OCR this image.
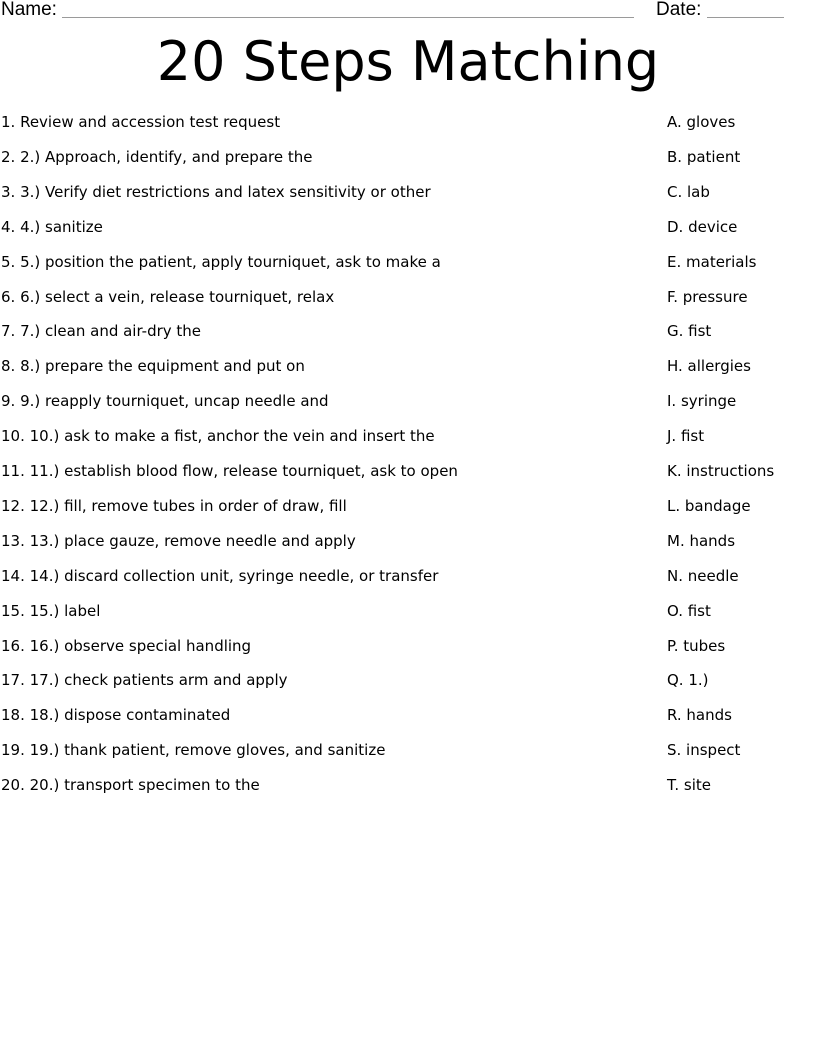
Name:	Date:
20 Steps Matching
1. Review and accession test request	A. gloves
2. 2.) Approach, identify, and prepare the	B. patient
3. 3.) Verify diet restrictions and latex sensitivity or other	C. lab
4. 4.) sanitize	D. device
5. 5.) position the patient, apply tourniquet, ask to make a	E. materials
6. 6.) select a vein, release tourniquet, relax	F. pressure
7. 7.) clean and air-dry the	G. fist
8. 8.) prepare the equipment and put on	H. allergies
9. 9.) reapply tourniquet, uncap needle and	I. syringe
10. 10.) ask to make a fist, anchor the vein and insert the	J. fist
11. 11.) establish blood flow, release tourniquet, ask to open	K. instructions
12. 12.) fill, remove tubes in order of draw, fill	L. bandage
13. 13.) place gauze, remove needle and apply	M. hands
14. 14.) discard collection unit, syringe needle, or transfer	N. needle
15. 15.) label	O. fist
16. 16.) observe special handling	P. tubes
17. 17.) check patients arm and apply	Q. 1.)
18. 18.) dispose contaminated	R. hands
19. 19.) thank patient, remove gloves, and sanitize	S. inspect
20. 20.) transport specimen to the	T. site
